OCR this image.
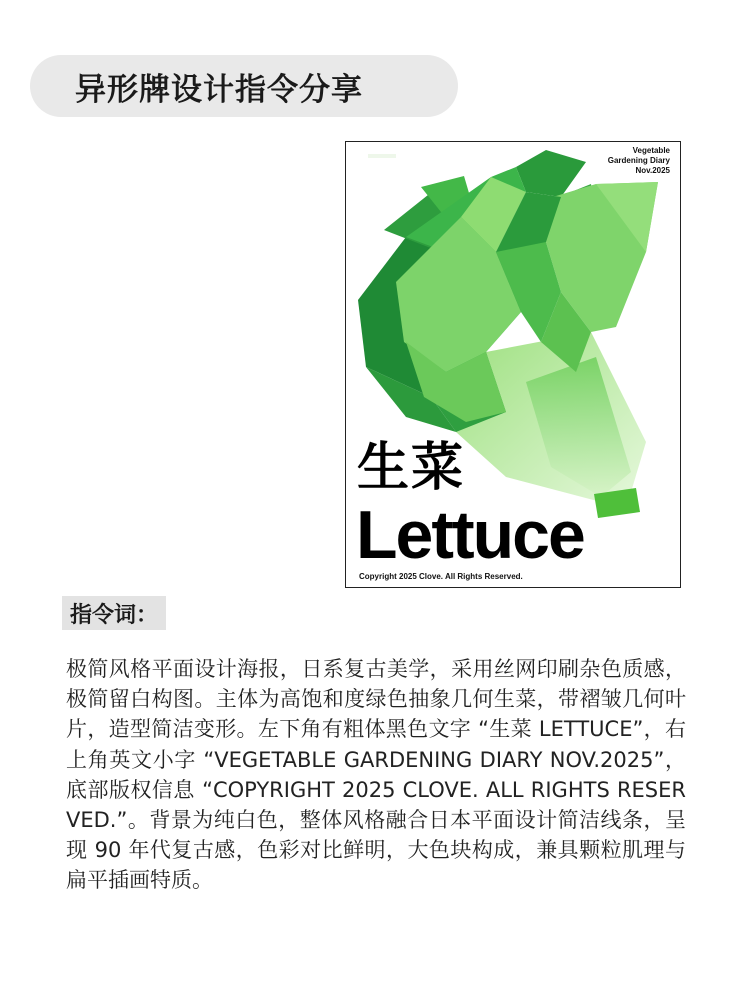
异形牌设计指令分享
Vegetable
Gardening Diary
Nov.2025
生菜
Lettuce
Copyright 2025 Clove. All Rights Reserved.
指令词：

极简风格平面设计海报，日系复古美学，采用丝网印刷杂色质感，极简留白构图。主体为高饱和度绿色抽象几何生菜，带褶皱几何叶片，造型简洁变形。左下角有粗体黑色文字 “生菜 LETTUCE”，右上角英文小字 “VEGETABLE GARDENING DIARY NOV.2025”，底部版权信息 “COPYRIGHT 2025 CLOVE. ALL RIGHTS RESERVED.”。背景为纯白色，整体风格融合日本平面设计简洁线条，呈现 90 年代复古感，色彩对比鲜明，大色块构成，兼具颗粒肌理与扁平插画特质。
